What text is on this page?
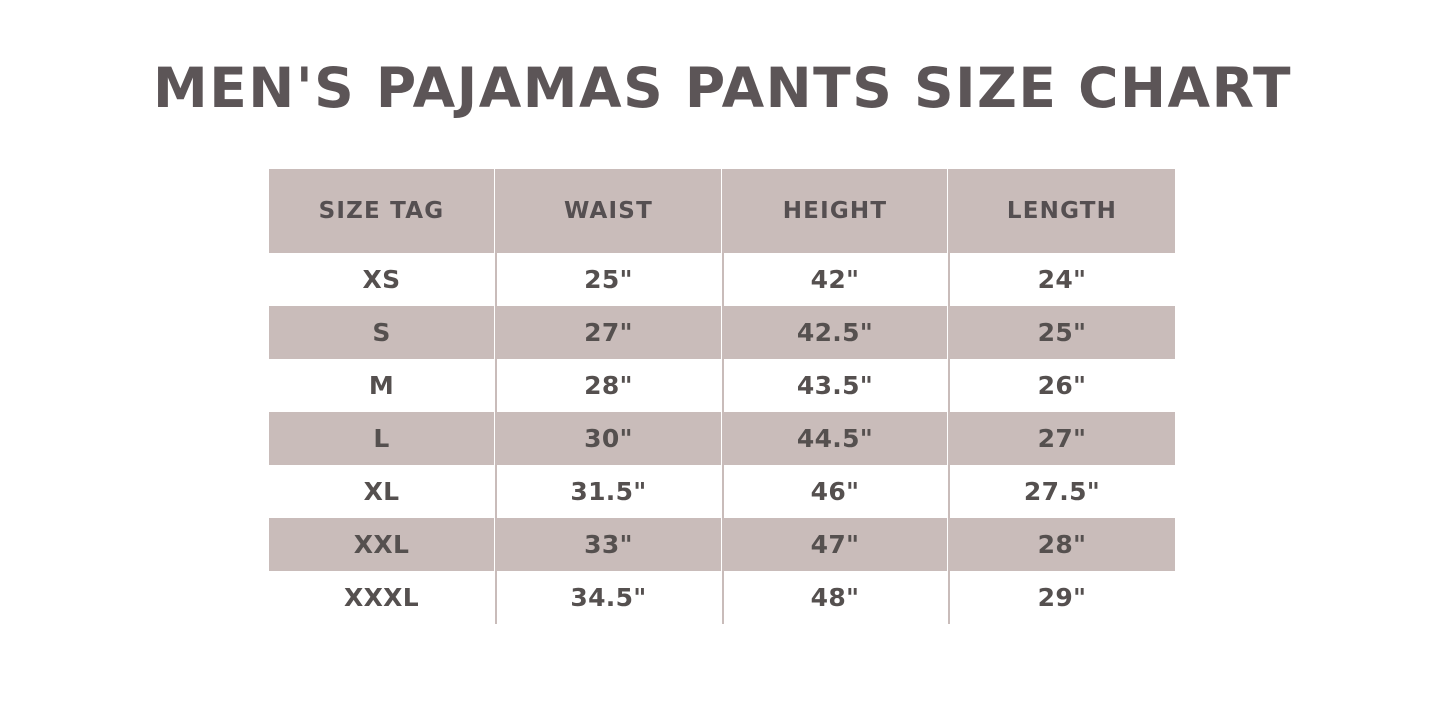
MEN'S PAJAMAS PANTS SIZE CHART
SIZE TAG	WAIST	HEIGHT	LENGTH
XS	25"	42"	24"
S	27"	42.5"	25"
M	28"	43.5"	26"
L	30"	44.5"	27"
XL	31.5"	46"	27.5"
XXL	33"	47"	28"
XXXL	34.5"	48"	29"
